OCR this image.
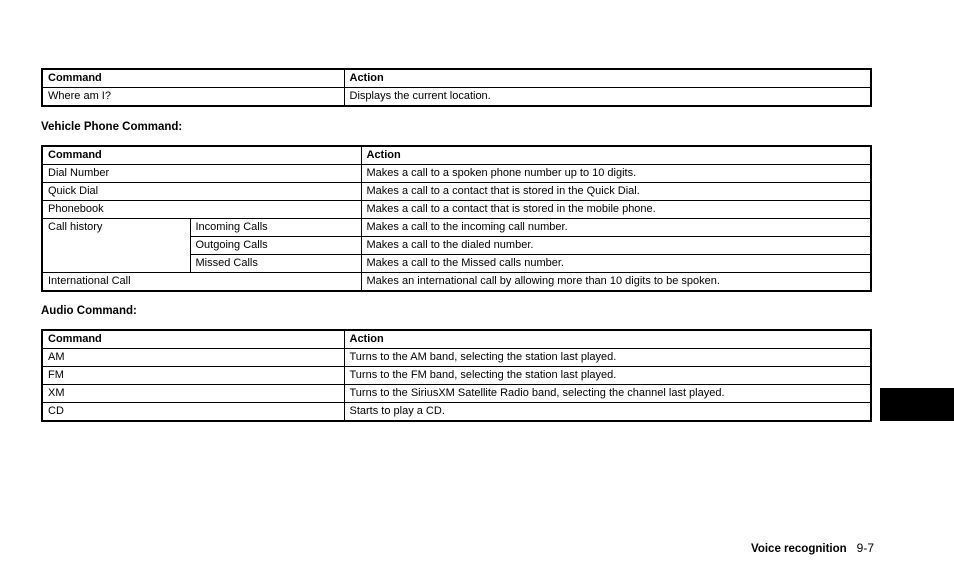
Command	Action
Where am I?	Displays the current location.
Vehicle Phone Command:
Command		Action
Dial Number		Makes a call to a spoken phone number up to 10 digits.
Quick Dial		Makes a call to a contact that is stored in the Quick Dial.
Phonebook		Makes a call to a contact that is stored in the mobile phone.
Call history	Incoming Calls	Makes a call to the incoming call number.
	Outgoing Calls	Makes a call to the dialed number.
	Missed Calls	Makes a call to the Missed calls number.
International Call		Makes an international call by allowing more than 10 digits to be spoken.
Audio Command:
Command	Action
AM	Turns to the AM band, selecting the station last played.
FM	Turns to the FM band, selecting the station last played.
XM	Turns to the SiriusXM Satellite Radio band, selecting the channel last played.
CD	Starts to play a CD.
Voice recognition 9-7
